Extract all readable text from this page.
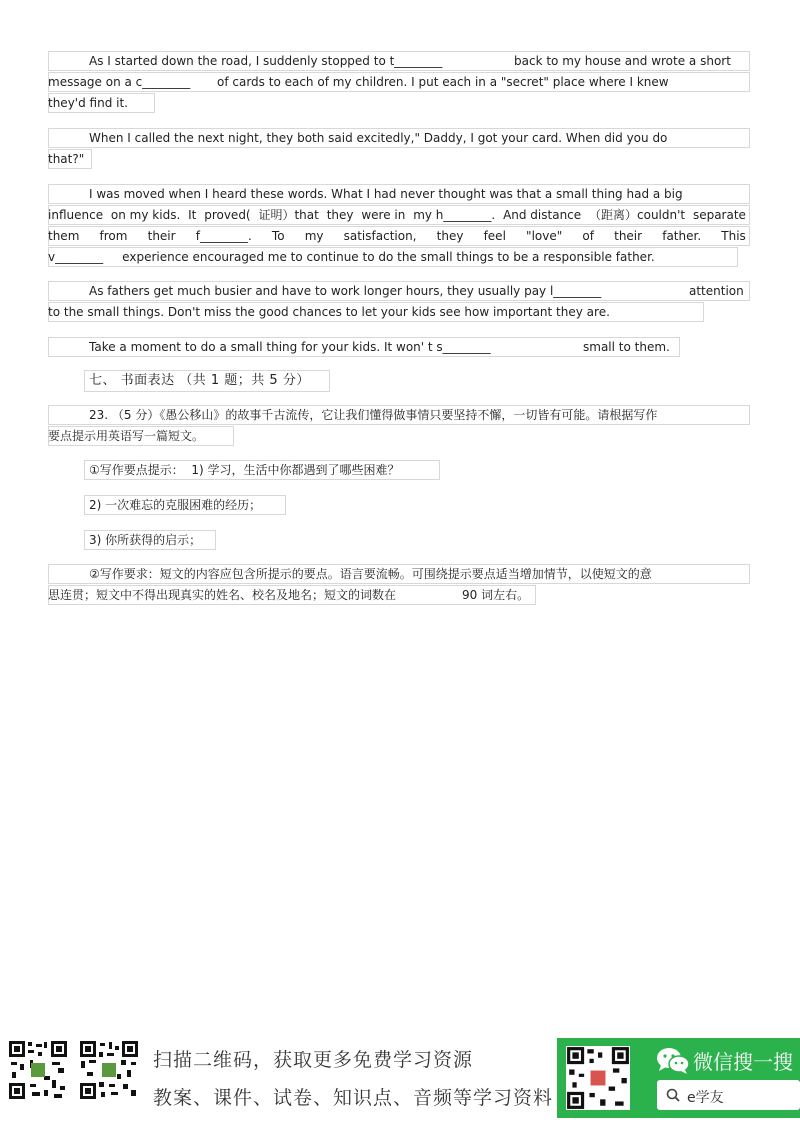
As I started down the road, I suddenly stopped to t________	back to my house and wrote a short
message on a c________ of cards to each of my children. I put each in a "secret" place where I knew
they'd find it.
When I called the next night, they both said excitedly," Daddy, I got your card. When did you do
that?"
I was moved when I heard these words. What I had never thought was that a small thing had a big
influence on my kids. It proved( 证明）that they were in my h________. And distance （距离）couldn't separate
them from their f________. To my satisfaction, they feel "love" of their father. This
v________     experience encouraged me to continue to do the small things to be a responsible father.
As fathers get much busier and have to work longer hours, they usually pay l________	attention
to the small things. Don't miss the good chances to let your kids see how important they are.
Take a moment to do a small thing for your kids. It won' t s________	small to them.
七、 书面表达 （共 1 题；共 5 分）
23. （5 分）《愚公移山》的故事千古流传，它让我们懂得做事情只要坚持不懈，一切皆有可能。请根据写作
要点提示用英语写一篇短文。
①写作要点提示：  1) 学习，生活中你都遇到了哪些困难？
2) 一次难忘的克服困难的经历；
3) 你所获得的启示；
②写作要求：短文的内容应包含所提示的要点。语言要流畅。可围绕提示要点适当增加情节，以使短文的意
思连贯；短文中不得出现真实的姓名、校名及地名；短文的词数在	90 词左右。
扫描二维码，获取更多免费学习资源
教案、课件、试卷、知识点、音频等学习资料
微信搜一搜
e学友
